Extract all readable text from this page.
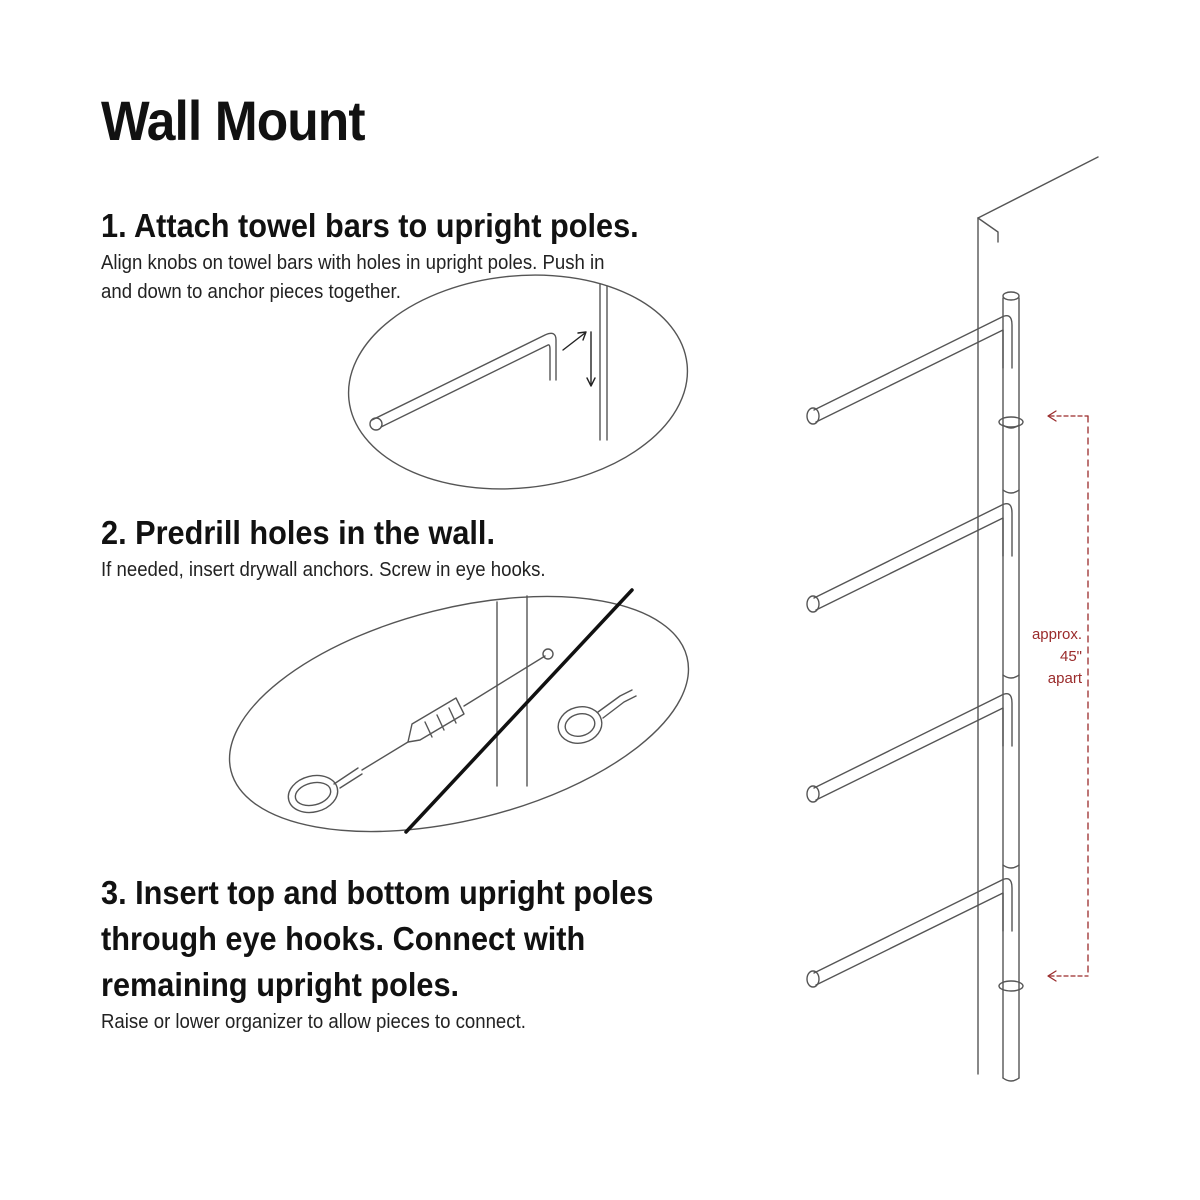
Wall Mount
1. Attach towel bars to upright poles.

Align knobs on towel bars with holes in upright poles. Push in

and down to anchor pieces together.

2. Predrill holes in the wall.

If needed, insert drywall anchors. Screw in eye hooks.

3. Insert top and bottom upright poles
through eye hooks. Connect with
remaining upright poles.

Raise or lower organizer to allow pieces to connect.

approx.
45"
apart
